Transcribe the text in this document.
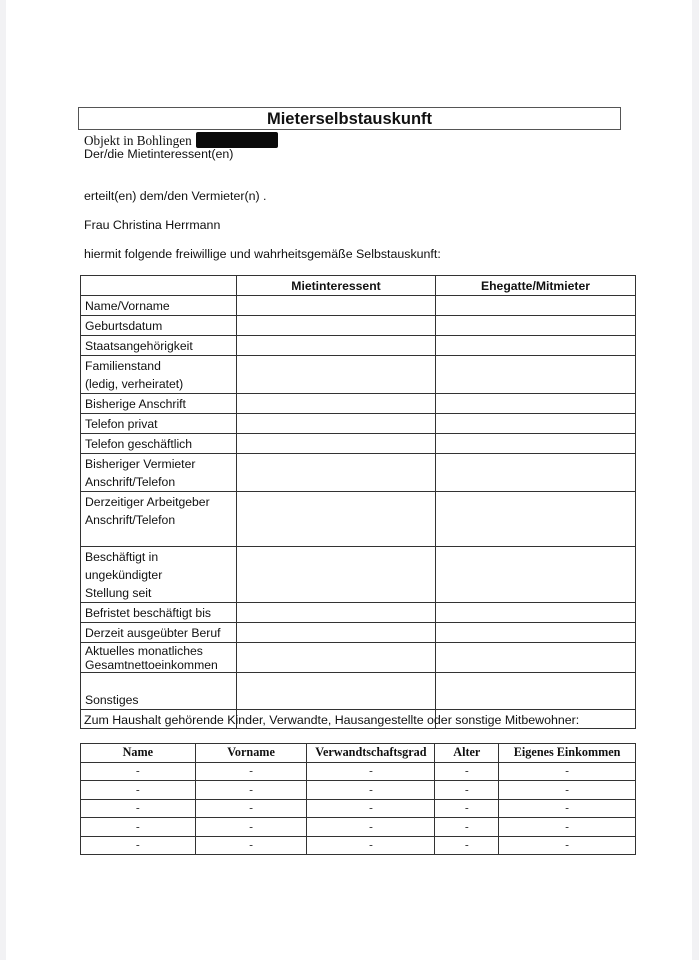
Mieterselbstauskunft
Objekt in Bohlingen
Der/die Mietinteressent(en)
erteilt(en) dem/den Vermieter(n) .
Frau Christina Herrmann
hiermit folgende freiwillige und wahrheitsgemäße Selbstauskunft:
	Mietinteressent	Ehegatte/Mitmieter

Name/Vorname		

Geburtsdatum		

Staatsangehörigkeit		

Familienstand
(ledig, verheiratet)		

Bisherige Anschrift		

Telefon privat		

Telefon geschäftlich		

Bisheriger Vermieter
Anschrift/Telefon		

Derzeitiger Arbeitgeber
Anschrift/Telefon		

Beschäftigt in
ungekündigter
Stellung seit		

Befristet beschäftigt bis		

Derzeit ausgeübter Beruf		

Aktuelles monatliches
Gesamtnettoeinkommen		

Sonstiges		

Zum Haushalt gehörende Kinder, Verwandte, Hausangestellte oder sonstige Mitbewohner:
Name	Vorname	Verwandtschaftsgrad	Alter	Eigenes Einkommen
-	-	-	-	-
-	-	-	-	-
-	-	-	-	-
-	-	-	-	-
-	-	-	-	-
